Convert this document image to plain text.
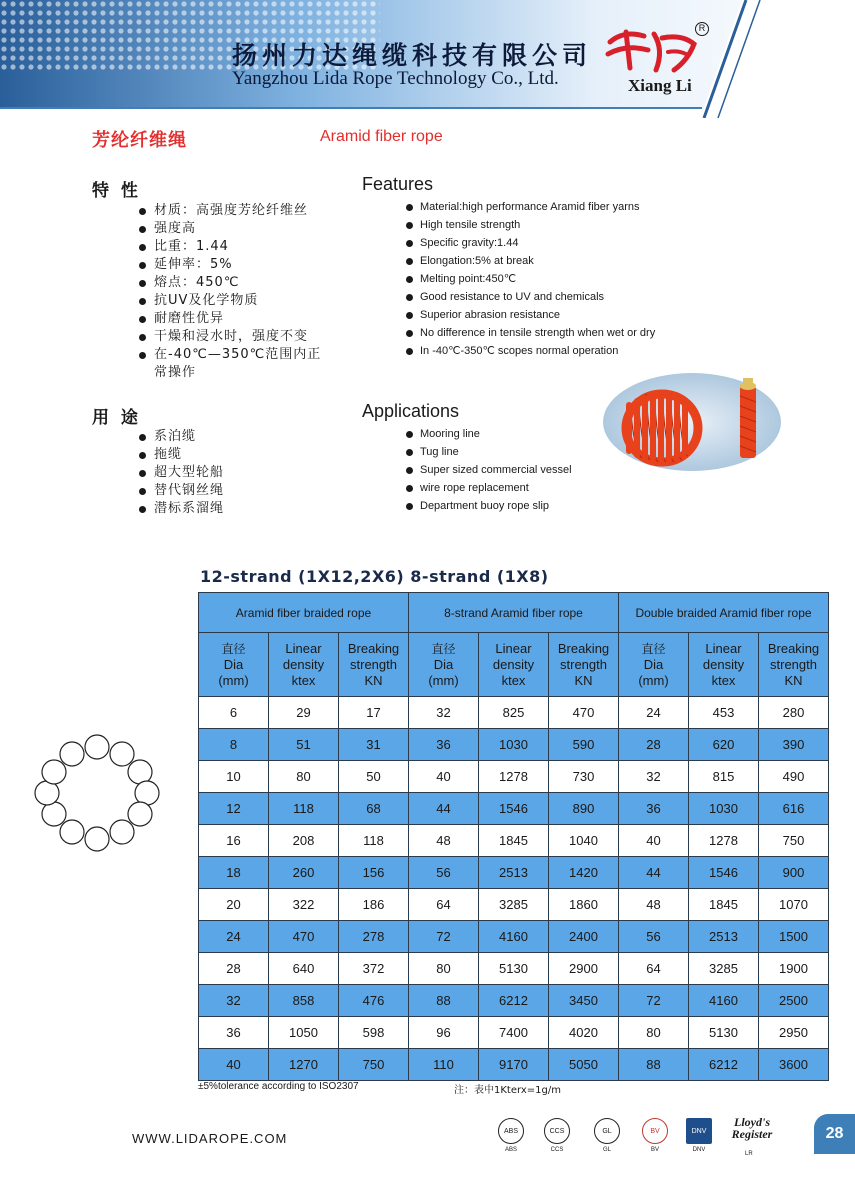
扬州力达绳缆科技有限公司
Yangzhou Lida Rope Technology Co., Ltd.
R
Xiang Li
芳纶纤维绳	Aramid fiber rope
特 性	Features
材质：高强度芳纶纤维丝
强度高
比重：1.44
延伸率：5%
熔点：450℃
抗UV及化学物质
耐磨性优异
干燥和浸水时，强度不变
在-40℃—350℃范围内正
常操作
Material:high performance Aramid fiber yarns
High tensile strength
Specific gravity:1.44
Elongation:5% at break
Melting point:450℃
Good resistance to UV and chemicals
Superior abrasion resistance
No difference in tensile strength when wet or dry
In -40℃-350℃ scopes normal operation
用 途	Applications
系泊缆
拖缆
超大型轮船
替代钢丝绳
潜标系溜绳
Mooring line
Tug line
Super sized commercial vessel
wire rope replacement
Department buoy rope slip
12-strand (1X12,2X6) 8-strand (1X8)
Aramid fiber braided rope			8-strand Aramid fiber rope			Double braided Aramid fiber rope		
直径
Dia
(mm)	Linear
density
ktex	Breaking
strength
KN	直径
Dia
(mm)	Linear
density
ktex	Breaking
strength
KN	直径
Dia
(mm)	Linear
density
ktex	Breaking
strength
KN
6	29	17	32	825	470	24	453	280
8	51	31	36	1030	590	28	620	390
10	80	50	40	1278	730	32	815	490
12	118	68	44	1546	890	36	1030	616
16	208	118	48	1845	1040	40	1278	750
18	260	156	56	2513	1420	44	1546	900
20	322	186	64	3285	1860	48	1845	1070
24	470	278	72	4160	2400	56	2513	1500
28	640	372	80	5130	2900	64	3285	1900
32	858	476	88	6212	3450	72	4160	2500
36	1050	598	96	7400	4020	80	5130	2950
40	1270	750	110	9170	5050	88	6212	3600
±5%tolerance according to ISO2307	注：表中1Kterx=1g/m
WWW.LIDAROPE.COM	ABS
ABS
CCS
CCS
GL
GL
BV
BV
DNV
DNV
Lloyd's
Register
LR
28
